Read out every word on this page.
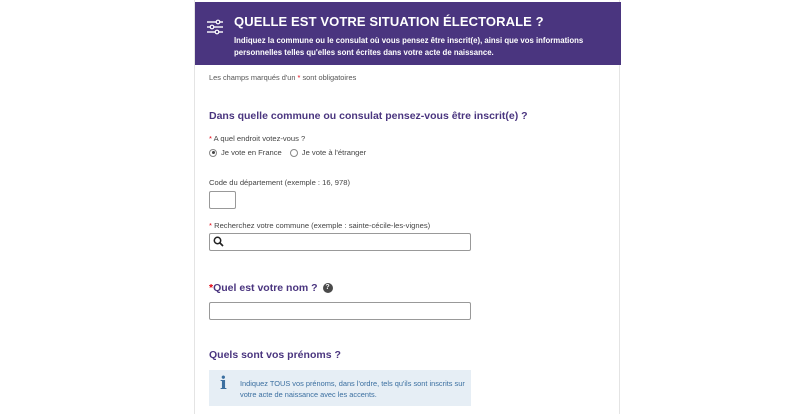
QUELLE EST VOTRE SITUATION ÉLECTORALE ?
Indiquez la commune ou le consulat où vous pensez être inscrit(e), ainsi que vos informations personnelles telles qu'elles sont écrites dans votre acte de naissance.
Les champs marqués d'un * sont obligatoires
Dans quelle commune ou consulat pensez-vous être inscrit(e) ?
* A quel endroit votez-vous ?
Je vote en France	Je vote à l'étranger
Code du département (exemple : 16, 978)
* Recherchez votre commune (exemple : sainte-cécile-les-vignes)
* Quel est votre nom ?	?
Quels sont vos prénoms ?
i Indiquez TOUS vos prénoms, dans l'ordre, tels qu'ils sont inscrits sur votre acte de naissance avec les accents.
